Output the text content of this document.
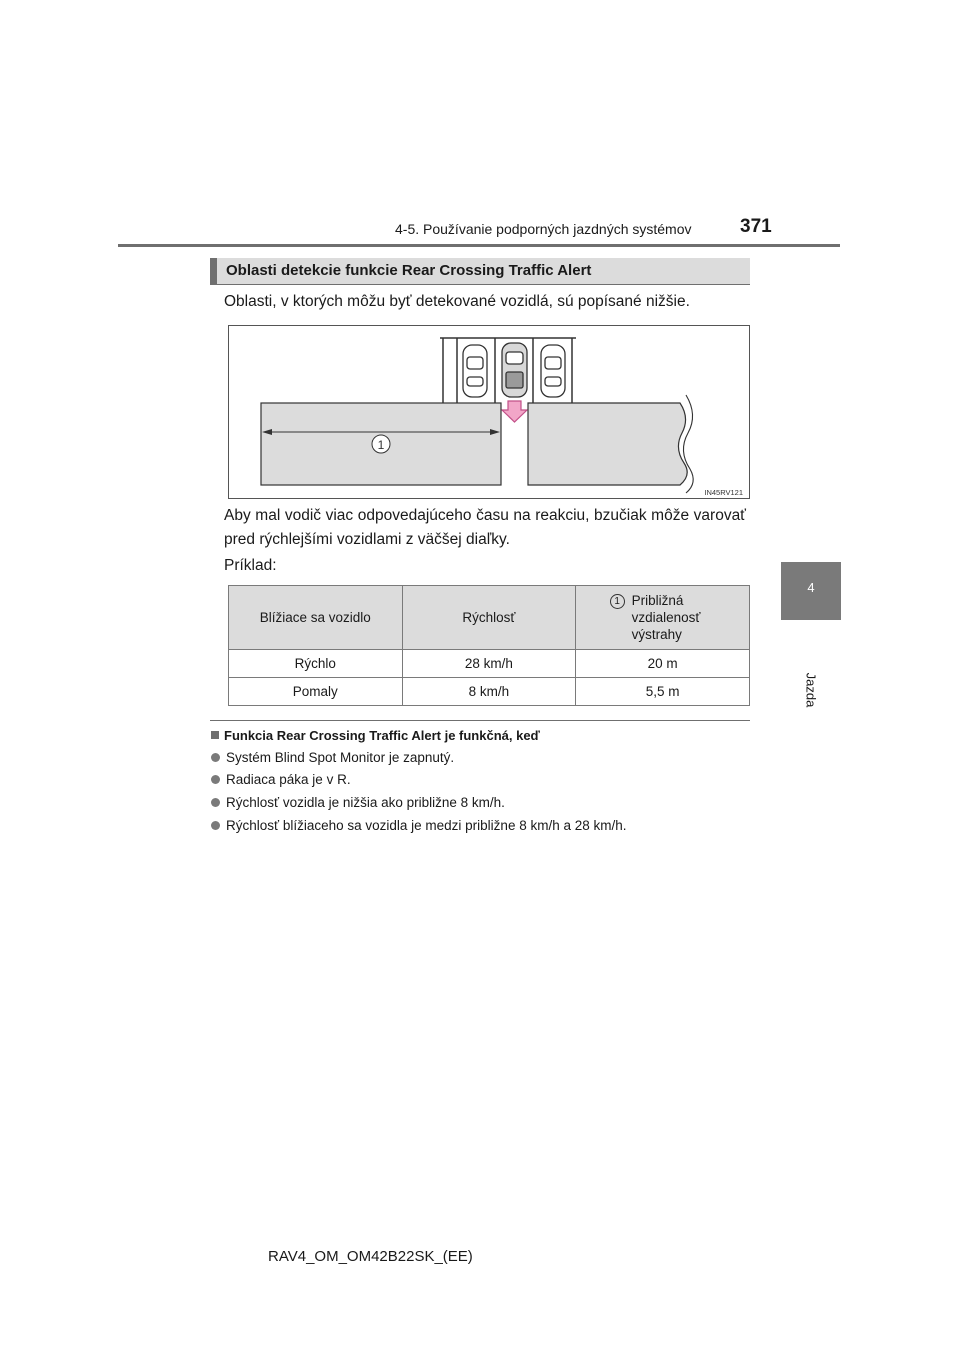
4-5. Používanie podporných jazdných systémov	371
4
Jazda
Oblasti detekcie funkcie Rear Crossing Traffic Alert
Oblasti, v ktorých môžu byť detekované vozidlá, sú popísané nižšie.
1
IN45RV121
Aby mal vodič viac odpovedajúceho času na reakciu, bzučiak môže varovať pred rýchlejšími vozidlami z väčšej diaľky.
Príklad:
Blížiace sa vozidlo	Rýchlosť	1 Približná vzdialenosť výstrahy

Rýchlo	28 km/h	20 m
Pomaly	8 km/h	5,5 m
Funkcia Rear Crossing Traffic Alert je funkčná, keď
Systém Blind Spot Monitor je zapnutý.
Radiaca páka je v R.
Rýchlosť vozidla je nižšia ako približne 8 km/h.
Rýchlosť blížiaceho sa vozidla je medzi približne 8 km/h a 28 km/h.
RAV4_OM_OM42B22SK_(EE)
